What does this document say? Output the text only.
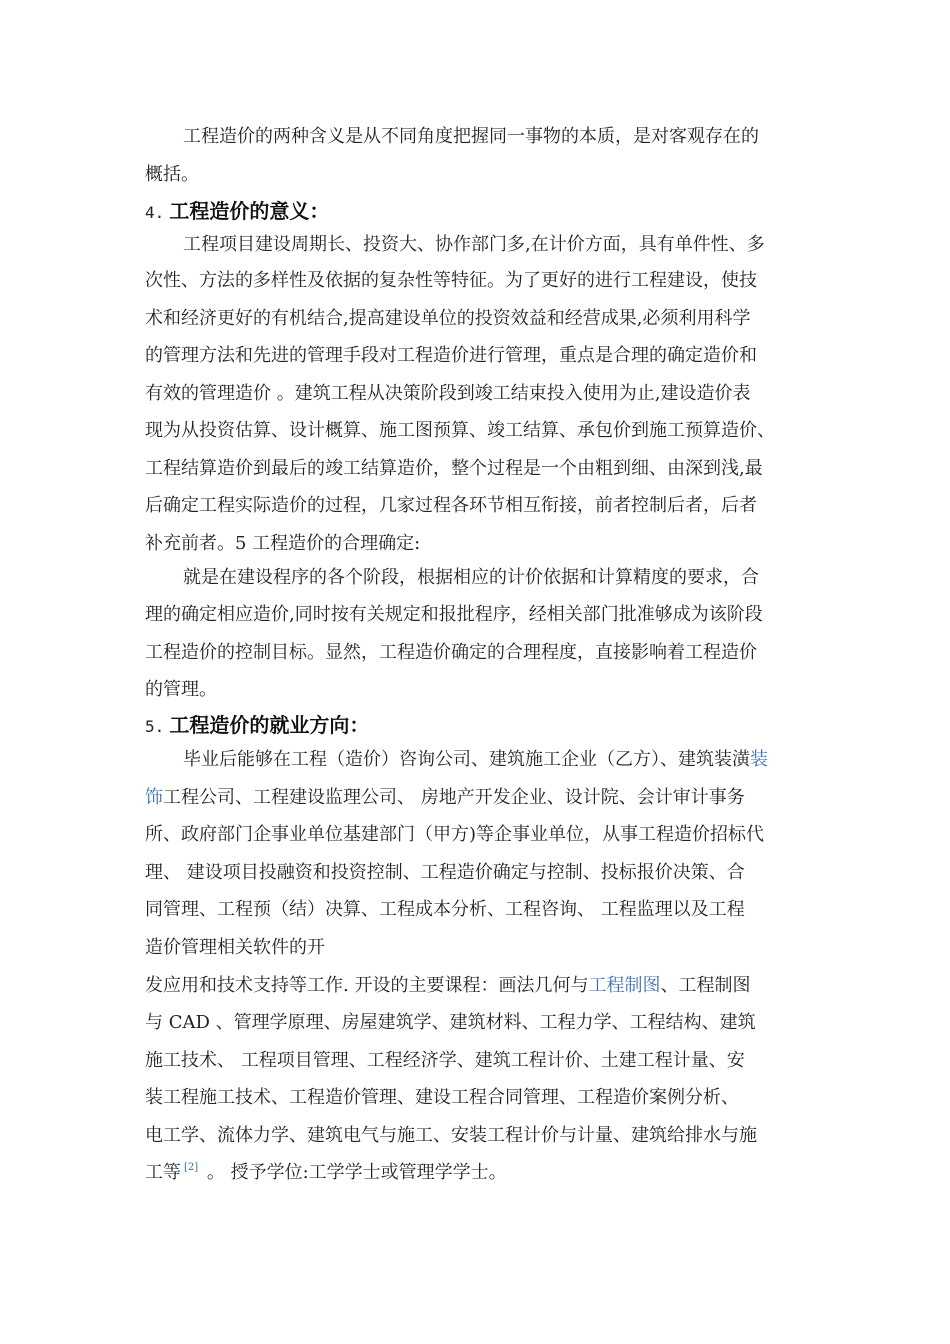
工程造价的两种含义是从不同角度把握同一事物的本质，是对客观存在的
概括。
4. 工程造价的意义：
工程项目建设周期长、投资大、协作部门多,在计价方面，具有单件性、多
次性、方法的多样性及依据的复杂性等特征。为了更好的进行工程建设，使技
术和经济更好的有机结合,提高建设单位的投资效益和经营成果,必须利用科学
的管理方法和先进的管理手段对工程造价进行管理，重点是合理的确定造价和
有效的管理造价 。建筑工程从决策阶段到竣工结束投入使用为止,建设造价表
现为从投资估算、设计概算、施工图预算、竣工结算、承包价到施工预算造价、
工程结算造价到最后的竣工结算造价，整个过程是一个由粗到细、由深到浅,最
后确定工程实际造价的过程，几家过程各环节相互衔接，前者控制后者，后者
补充前者。5 工程造价的合理确定:
就是在建设程序的各个阶段，根据相应的计价依据和计算精度的要求，合
理的确定相应造价,同时按有关规定和报批程序，经相关部门批准够成为该阶段
工程造价的控制目标。显然，工程造价确定的合理程度，直接影响着工程造价
的管理。
5. 工程造价的就业方向：
毕业后能够在工程（造价）咨询公司、建筑施工企业（乙方）、建筑装潢装
饰工程公司、工程建设监理公司、 房地产开发企业、设计院、会计审计事务
所、政府部门企事业单位基建部门（甲方)等企事业单位，从事工程造价招标代
理、 建设项目投融资和投资控制、工程造价确定与控制、投标报价决策、合
同管理、工程预（结）决算、工程成本分析、工程咨询、 工程监理以及工程
造价管理相关软件的开
发应用和技术支持等工作. 开设的主要课程：画法几何与工程制图、工程制图
与 CAD 、管理学原理、房屋建筑学、建筑材料、工程力学、工程结构、建筑
施工技术、 工程项目管理、工程经济学、建筑工程计价、土建工程计量、安
装工程施工技术、工程造价管理、建设工程合同管理、工程造价案例分析、
电工学、流体力学、建筑电气与施工、安装工程计价与计量、建筑给排水与施
工等 [2] 。 授予学位:工学学士或管理学学士。
